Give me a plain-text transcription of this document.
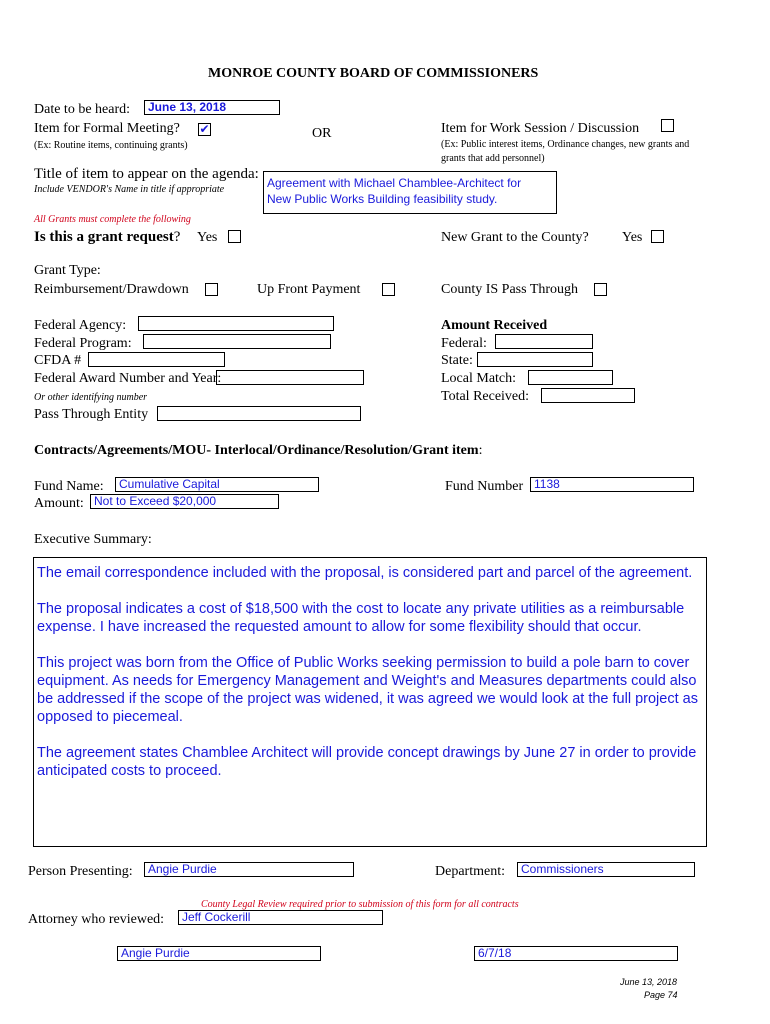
MONROE COUNTY BOARD OF COMMISSIONERS
Date to be heard:	June 13, 2018
Item for Formal Meeting? ✔
(Ex: Routine items, continuing grants)
OR	Item for Work Session / Discussion
(Ex: Public interest items, Ordinance changes, new grants and
grants that add personnel)
Title of item to appear on the agenda:
Include VENDOR's Name in title if appropriate	Agreement with Michael Chamblee-Architect for
New Public Works Building feasibility study.
All Grants must complete the following
Is this a grant request? Yes	New Grant to the County? Yes
Grant Type:
Reimbursement/Drawdown	Up Front Payment	County IS Pass Through
Federal Agency:
Federal Program:
CFDA #
Federal Award Number and Year:
Or other identifying number
Pass Through Entity
Amount Received
Federal:
State:
Local Match:
Total Received:
Contracts/Agreements/MOU- Interlocal/Ordinance/Resolution/Grant item:
Fund Name:	Cumulative Capital	Fund Number 1138
Amount: Not to Exceed $20,000
Executive Summary:

The email correspondence included with the proposal, is considered part and parcel of the agreement.

The proposal indicates a cost of $18,500 with the cost to locate any private utilities as a reimbursable expense. I have increased the requested amount to allow for some flexibility should that occur.

This project was born from the Office of Public Works seeking permission to build a pole barn to cover equipment. As needs for Emergency Management and Weight's and Measures departments could also be addressed if the scope of the project was widened, it was agreed we would look at the full project as opposed to piecemeal.

The agreement states Chamblee Architect will provide concept drawings by June 27 in order to provide anticipated costs to proceed.

Person Presenting:	Angie Purdie	Department:	Commissioners
County Legal Review required prior to submission of this form for all contracts
Attorney who reviewed:	Jeff Cockerill
Angie Purdie	6/7/18
June 13, 2018
Page 74
